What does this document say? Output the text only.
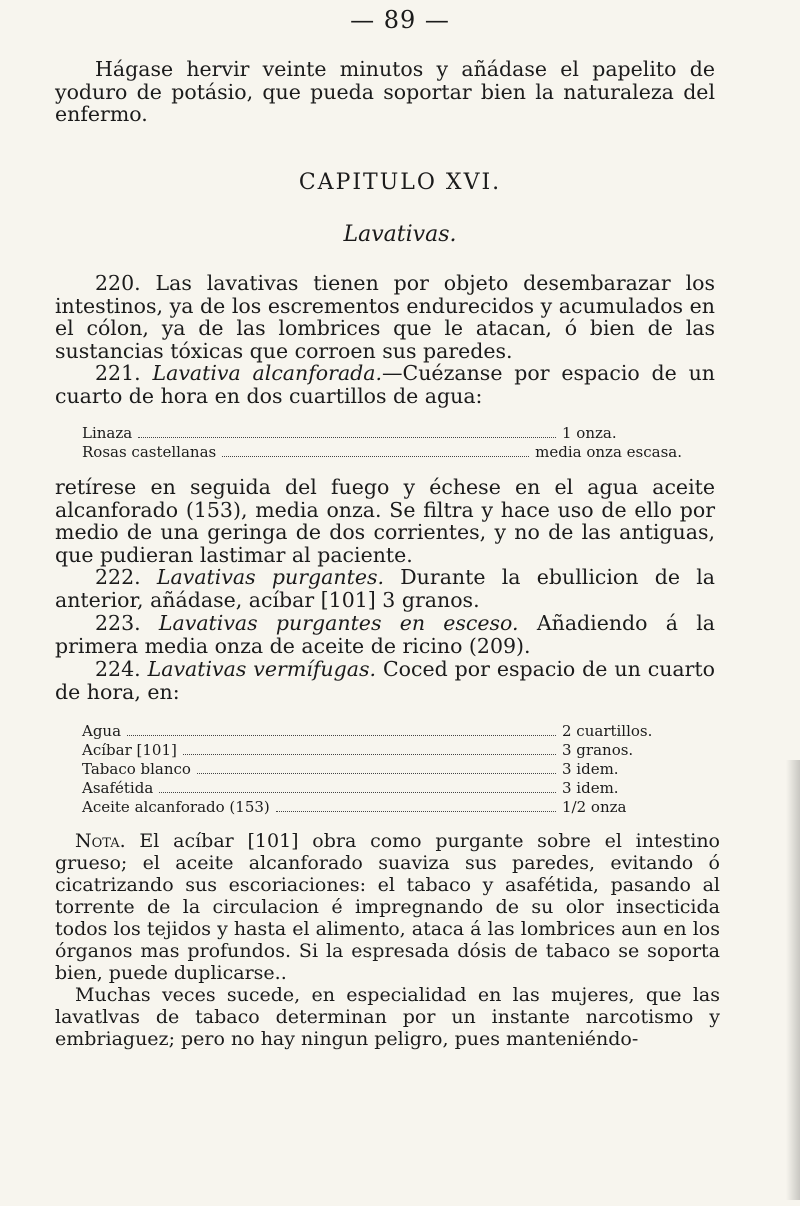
— 89 —

Hágase hervir veinte minutos y añádase el papelito de yoduro de potásio, que pueda soportar bien la naturaleza del enfermo.

CAPITULO XVI.
Lavativas.

220. Las lavativas tienen por objeto desembarazar los intestinos, ya de los escrementos endurecidos y acumulados en el cólon, ya de las lombrices que le atacan, ó bien de las sustancias tóxicas que corroen sus paredes.

221. Lavativa alcanforada.—Cuézanse por espacio de un cuarto de hora en dos cuartillos de agua:

Linaza	1 onza.
Rosas castellanas	media onza escasa.

retírese en seguida del fuego y échese en el agua aceite alcanforado (153), media onza. Se filtra y hace uso de ello por medio de una geringa de dos corrientes, y no de las antiguas, que pudieran lastimar al paciente.

222. Lavativas purgantes. Durante la ebullicion de la anterior, añádase, acíbar [101] 3 granos.

223. Lavativas purgantes en esceso. Añadiendo á la primera media onza de aceite de ricino (209).

224. Lavativas vermífugas. Coced por espacio de un cuarto de hora, en:

Agua	2 cuartillos.
Acíbar [101]	3 granos.
Tabaco blanco	3 idem.
Asafétida	3 idem.
Aceite alcanforado (153)	1/2 onza

Nota. El acíbar [101] obra como purgante sobre el intestino grueso; el aceite alcanforado suaviza sus paredes, evitando ó cicatrizando sus escoriaciones: el tabaco y asafétida, pasando al torrente de la circulacion é impregnando de su olor insecticida todos los tejidos y hasta el alimento, ataca á las lombrices aun en los órganos mas profundos. Si la espresada dósis de tabaco se soporta bien, puede duplicarse..

Muchas veces sucede, en especialidad en las mujeres, que las lavatlvas de tabaco determinan por un instante narcotismo y embriaguez; pero no hay ningun peligro, pues manteniéndo-
